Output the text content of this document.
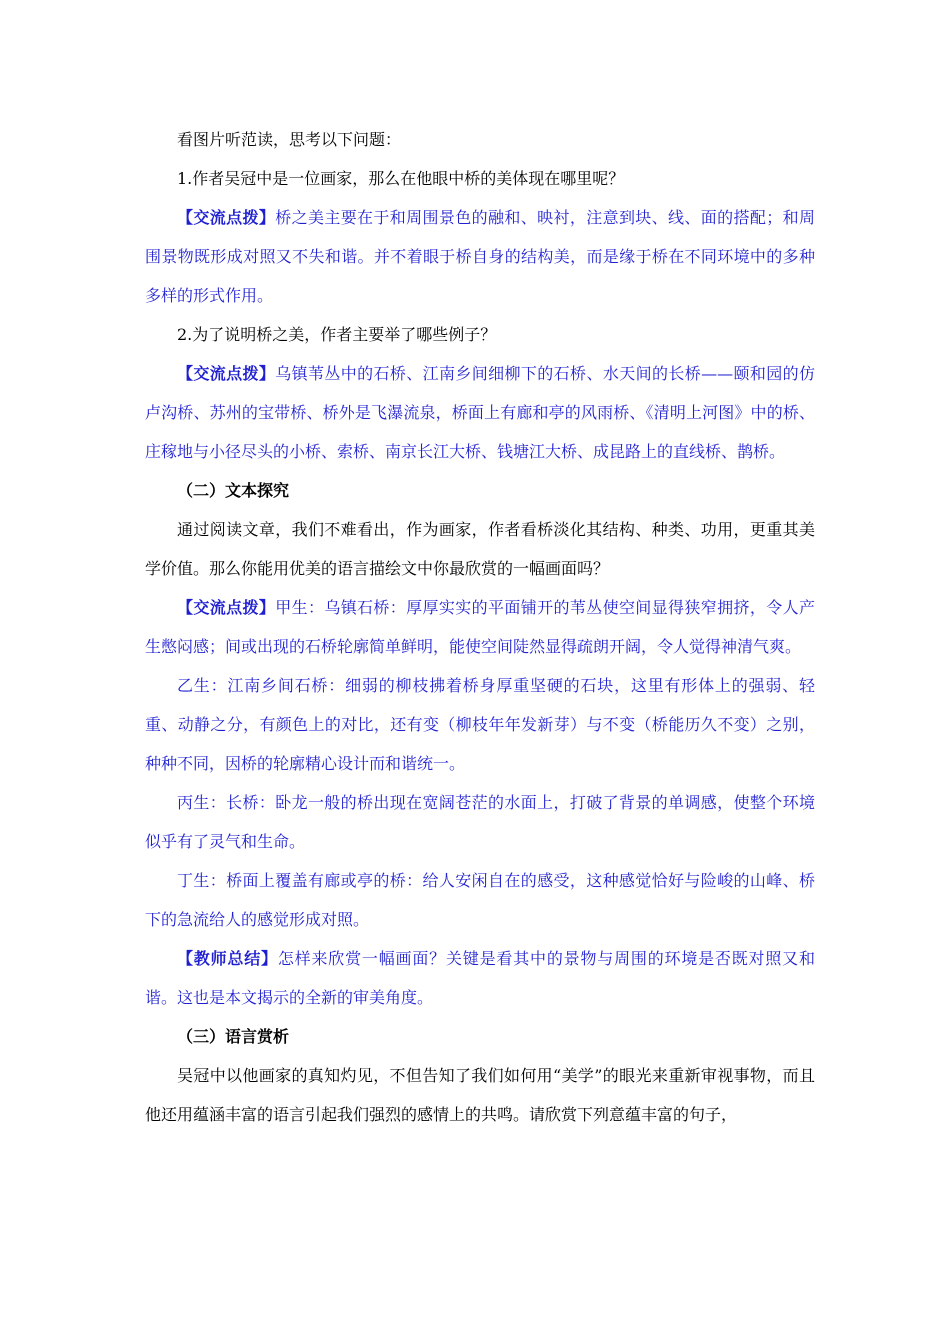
看图片听范读，思考以下问题：

1.作者吴冠中是一位画家，那么在他眼中桥的美体现在哪里呢？

【交流点拨】桥之美主要在于和周围景色的融和、映衬，注意到块、线、面的搭配；和周围景物既形成对照又不失和谐。并不着眼于桥自身的结构美，而是缘于桥在不同环境中的多种多样的形式作用。

2.为了说明桥之美，作者主要举了哪些例子？

【交流点拨】乌镇苇丛中的石桥、江南乡间细柳下的石桥、水天间的长桥——颐和园的仿卢沟桥、苏州的宝带桥、桥外是飞瀑流泉，桥面上有廊和亭的风雨桥、《清明上河图》中的桥、庄稼地与小径尽头的小桥、索桥、南京长江大桥、钱塘江大桥、成昆路上的直线桥、鹊桥。

（二）文本探究

通过阅读文章，我们不难看出，作为画家，作者看桥淡化其结构、种类、功用，更重其美学价值。那么你能用优美的语言描绘文中你最欣赏的一幅画面吗？

【交流点拨】甲生：乌镇石桥：厚厚实实的平面铺开的苇丛使空间显得狭窄拥挤，令人产生憋闷感；间或出现的石桥轮廓简单鲜明，能使空间陡然显得疏朗开阔，令人觉得神清气爽。

乙生：江南乡间石桥：细弱的柳枝拂着桥身厚重坚硬的石块，这里有形体上的强弱、轻重、动静之分，有颜色上的对比，还有变（柳枝年年发新芽）与不变（桥能历久不变）之别，种种不同，因桥的轮廓精心设计而和谐统一。

丙生：长桥：卧龙一般的桥出现在宽阔苍茫的水面上，打破了背景的单调感，使整个环境似乎有了灵气和生命。

丁生：桥面上覆盖有廊或亭的桥：给人安闲自在的感受，这种感觉恰好与险峻的山峰、桥下的急流给人的感觉形成对照。

【教师总结】怎样来欣赏一幅画面？关键是看其中的景物与周围的环境是否既对照又和谐。这也是本文揭示的全新的审美角度。

（三）语言赏析

吴冠中以他画家的真知灼见，不但告知了我们如何用“美学”的眼光来重新审视事物，而且他还用蕴涵丰富的语言引起我们强烈的感情上的共鸣。请欣赏下列意蕴丰富的句子，
